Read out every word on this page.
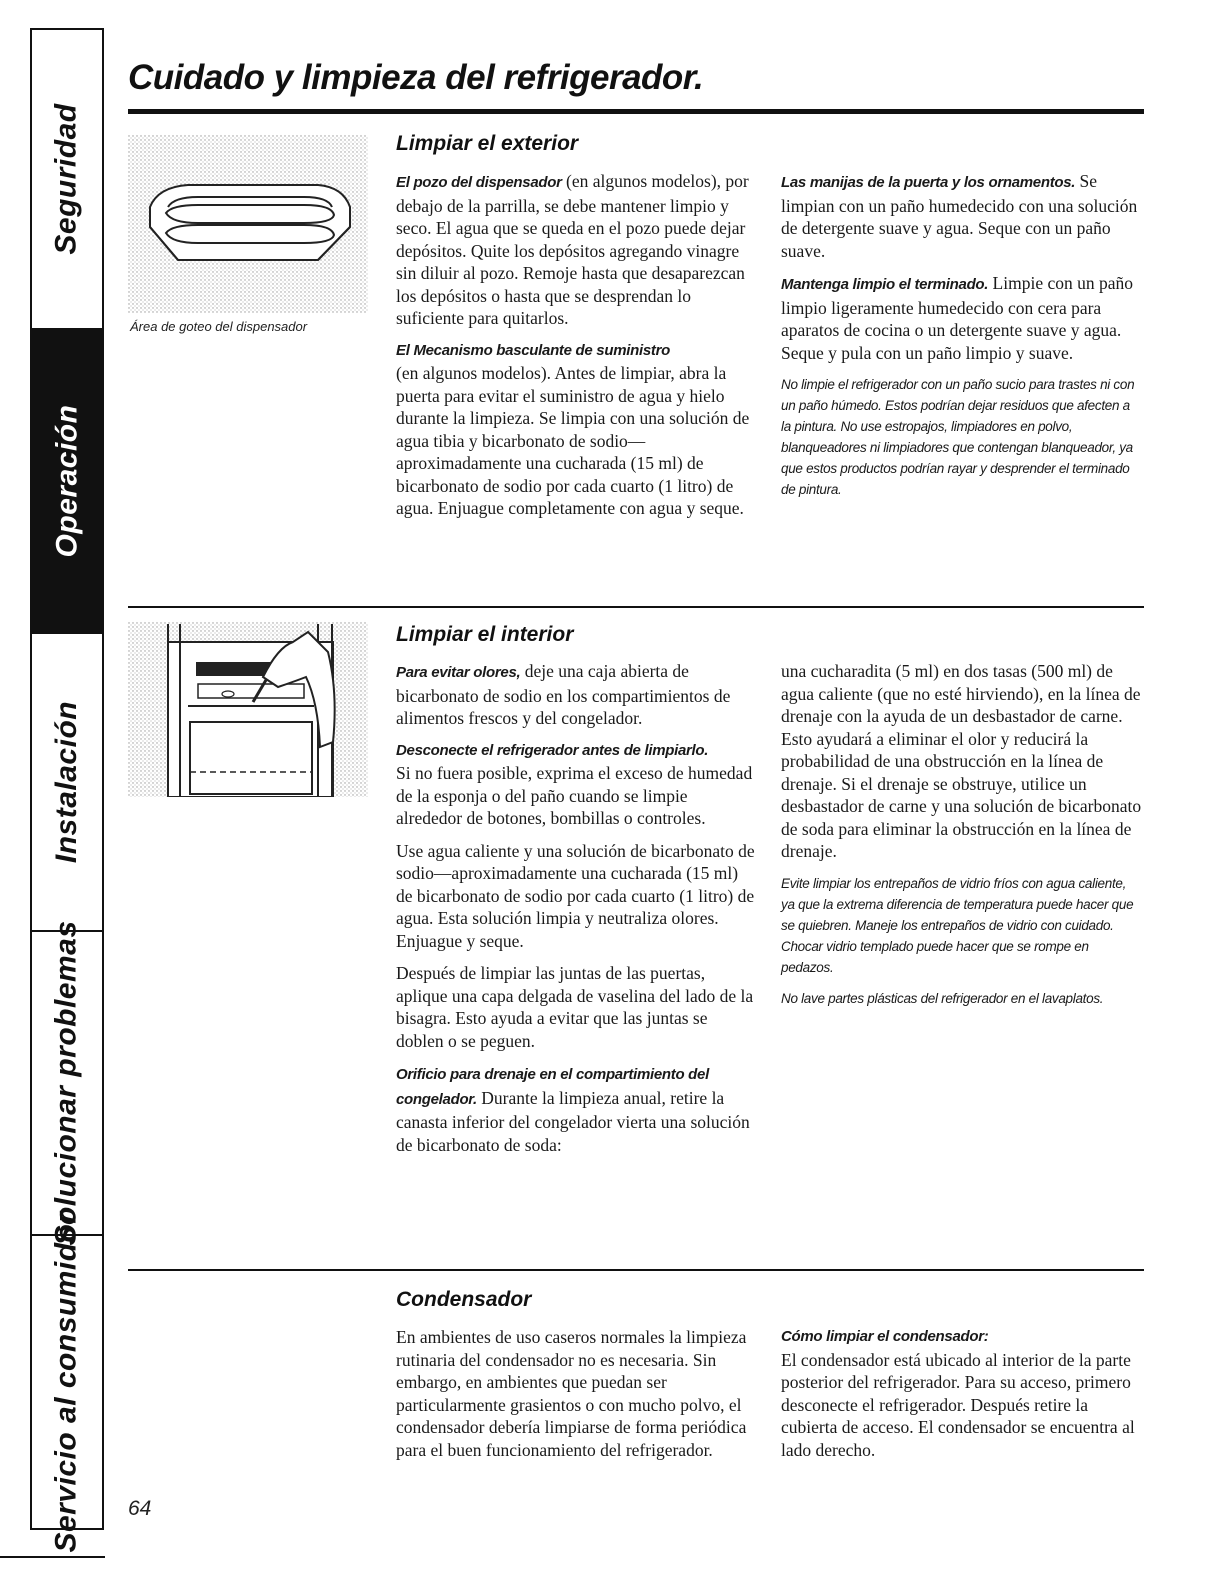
Seguridad
Operación
Instalación
Solucionar problemas
Servicio al consumidor
Cuidado y limpieza del refrigerador.
Área de goteo del dispensador
Limpiar el exterior

El pozo del dispensador (en algunos modelos), por debajo de la parrilla, se debe mantener limpio y seco. El agua que se queda en el pozo puede dejar depósitos. Quite los depósitos agregando vinagre sin diluir al pozo. Remoje hasta que desaparezcan los depósitos o hasta que se desprendan lo suficiente para quitarlos.

El Mecanismo basculante de suministro
(en algunos modelos). Antes de limpiar, abra la puerta para evitar el suministro de agua y hielo durante la limpieza. Se limpia con una solución de agua tibia y bicarbonato de sodio—aproximadamente una cucharada (15 ml) de bicarbonato de sodio por cada cuarto (1 litro) de agua. Enjuague completamente con agua y seque.

Las manijas de la puerta y los ornamentos. Se limpian con un paño humedecido con una solución de detergente suave y agua. Seque con un paño suave.

Mantenga limpio el terminado. Limpie con un paño limpio ligeramente humedecido con cera para aparatos de cocina o un detergente suave y agua. Seque y pula con un paño limpio y suave.

No limpie el refrigerador con un paño sucio para trastes ni con un paño húmedo. Estos podrían dejar residuos que afecten a la pintura. No use estropajos, limpiadores en polvo, blanqueadores ni limpiadores que contengan blanqueador, ya que estos productos podrían rayar y desprender el terminado de pintura.

Limpiar el interior

Para evitar olores, deje una caja abierta de bicarbonato de sodio en los compartimientos de alimentos frescos y del congelador.

Desconecte el refrigerador antes de limpiarlo.
Si no fuera posible, exprima el exceso de humedad de la esponja o del paño cuando se limpie alrededor de botones, bombillas o controles.

Use agua caliente y una solución de bicarbonato de sodio—aproximadamente una cucharada (15 ml) de bicarbonato de sodio por cada cuarto (1 litro) de agua. Esta solución limpia y neutraliza olores. Enjuague y seque.

Después de limpiar las juntas de las puertas, aplique una capa delgada de vaselina del lado de la bisagra. Esto ayuda a evitar que las juntas se doblen o se peguen.

Orificio para drenaje en el compartimiento del congelador. Durante la limpieza anual, retire la canasta inferior del congelador vierta una solución de bicarbonato de soda:

una cucharadita (5 ml) en dos tasas (500 ml) de agua caliente (que no esté hirviendo), en la línea de drenaje con la ayuda de un desbastador de carne. Esto ayudará a eliminar el olor y reducirá la probabilidad de una obstrucción en la línea de drenaje. Si el drenaje se obstruye, utilice un desbastador de carne y una solución de bicarbonato de soda para eliminar la obstrucción en la línea de drenaje.

Evite limpiar los entrepaños de vidrio fríos con agua caliente, ya que la extrema diferencia de temperatura puede hacer que se quiebren. Maneje los entrepaños de vidrio con cuidado. Chocar vidrio templado puede hacer que se rompe en pedazos.

No lave partes plásticas del refrigerador en el lavaplatos.

Condensador

En ambientes de uso caseros normales la limpieza rutinaria del condensador no es necesaria. Sin embargo, en ambientes que puedan ser particularmente grasientos o con mucho polvo, el condensador debería limpiarse de forma periódica para el buen funcionamiento del refrigerador.

Cómo limpiar el condensador:
El condensador está ubicado al interior de la parte posterior del refrigerador. Para su acceso, primero desconecte el refrigerador. Después retire la cubierta de acceso. El condensador se encuentra al lado derecho.

64
